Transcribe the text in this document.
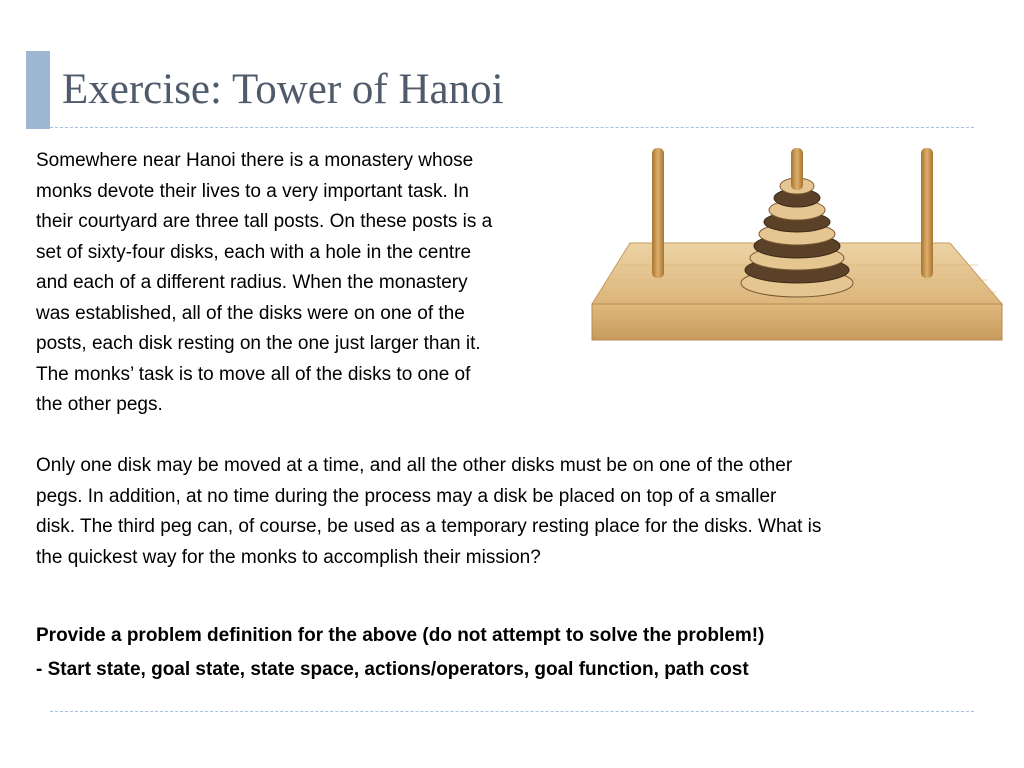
Exercise: Tower of Hanoi

Somewhere near Hanoi there is a monastery whose
monks devote their lives to a very important task. In
their courtyard are three tall posts. On these posts is a
set of sixty-four disks, each with a hole in the centre
and each of a different radius. When the monastery
was established, all of the disks were on one of the
posts, each disk resting on the one just larger than it.
The monks’ task is to move all of the disks to one of
the other pegs.

Only one disk may be moved at a time, and all the other disks must be on one of the other
pegs. In addition, at no time during the process may a disk be placed on top of a smaller
disk. The third peg can, of course, be used as a temporary resting place for the disks. What is
the quickest way for the monks to accomplish their mission?

Provide a problem definition for the above (do not attempt to solve the problem!)

- Start state, goal state, state space, actions/operators, goal function, path cost
